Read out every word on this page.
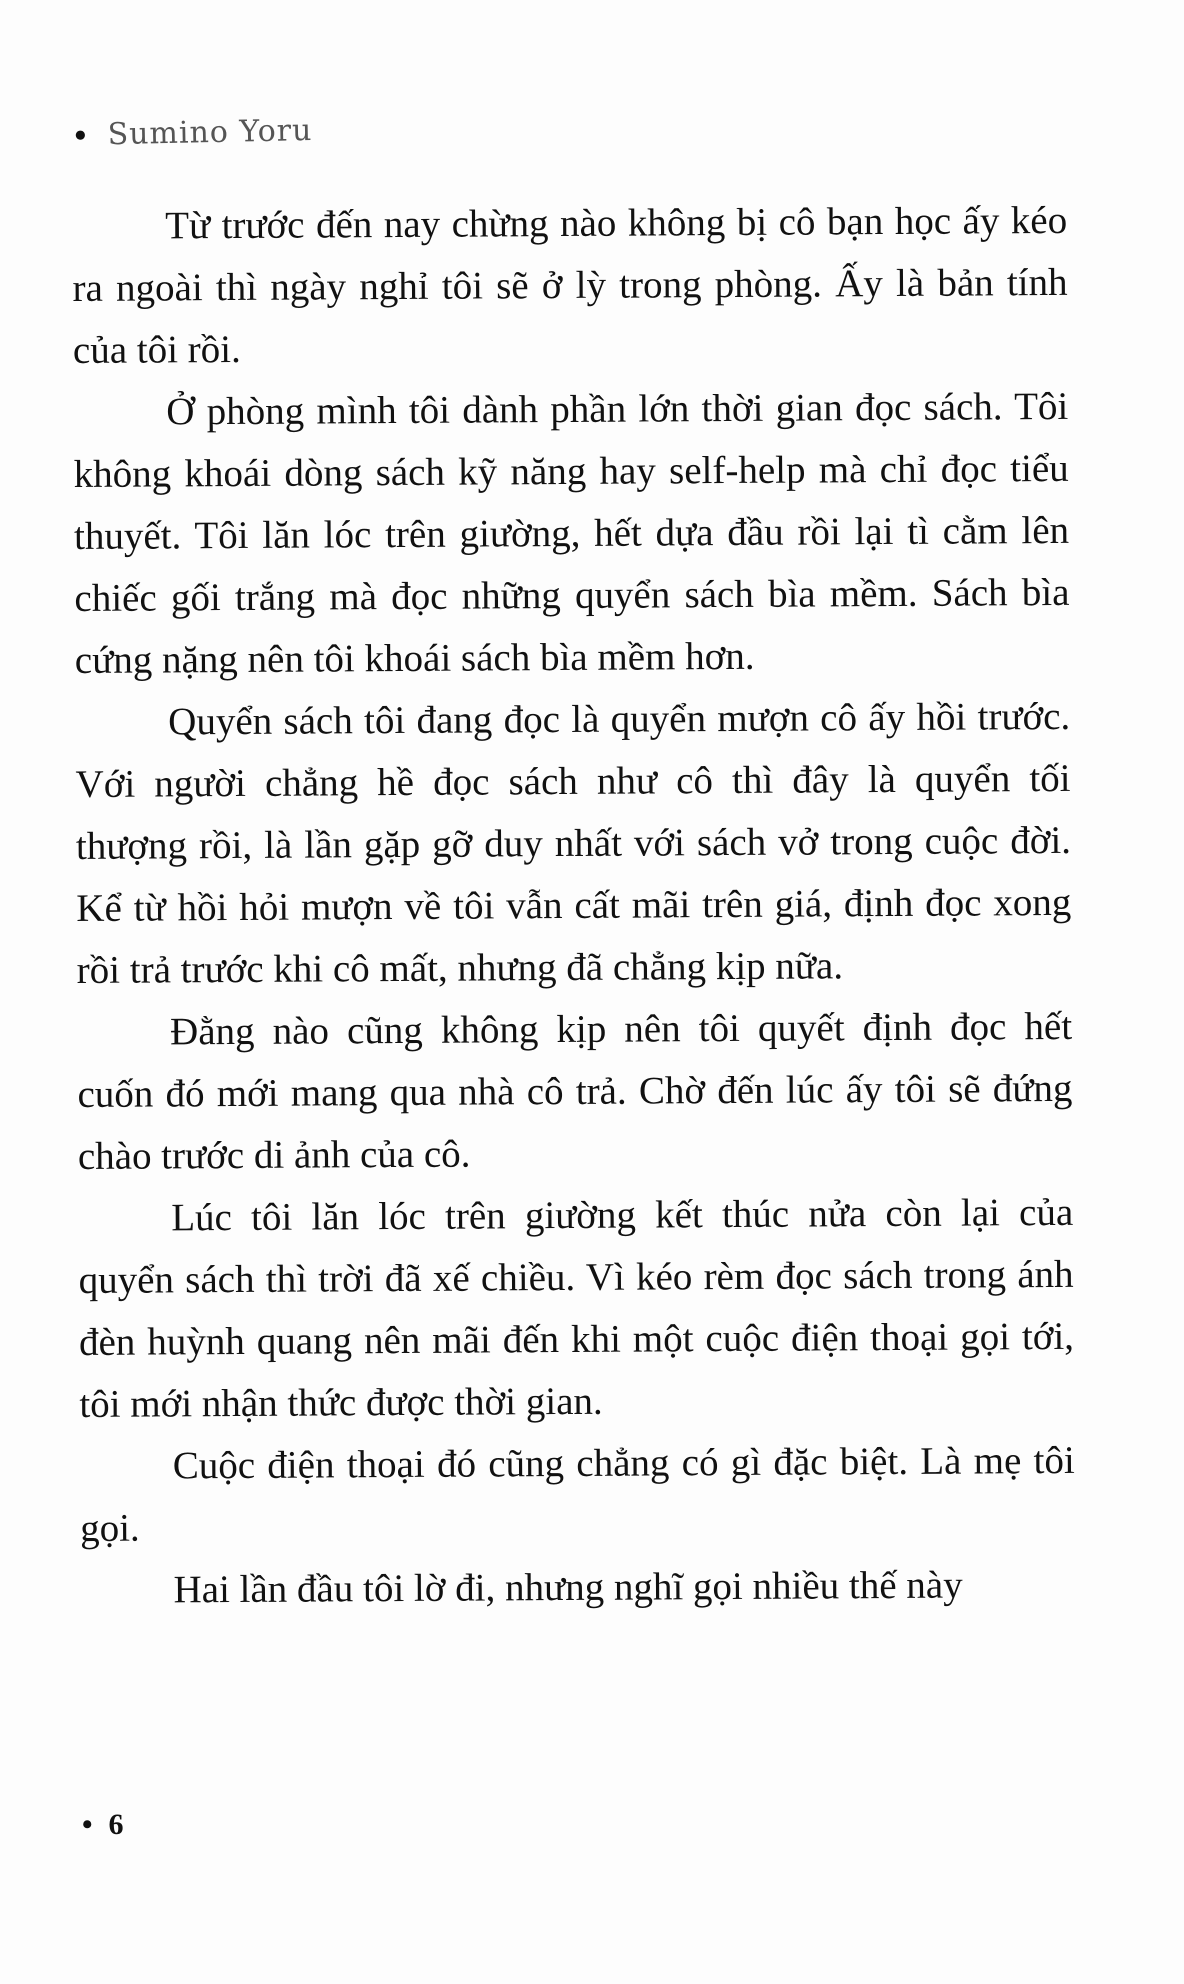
• Sumino Yoru

Từ trước đến nay chừng nào không bị cô bạn học ấy kéo ra ngoài thì ngày nghỉ tôi sẽ ở lỳ trong phòng. Ấy là bản tính của tôi rồi.

Ở phòng mình tôi dành phần lớn thời gian đọc sách. Tôi không khoái dòng sách kỹ năng hay self-help mà chỉ đọc tiểu thuyết. Tôi lăn lóc trên giường, hết dựa đầu rồi lại tì cằm lên chiếc gối trắng mà đọc những quyển sách bìa mềm. Sách bìa cứng nặng nên tôi khoái sách bìa mềm hơn.

Quyển sách tôi đang đọc là quyển mượn cô ấy hồi trước. Với người chẳng hề đọc sách như cô thì đây là quyển tối thượng rồi, là lần gặp gỡ duy nhất với sách vở trong cuộc đời. Kể từ hồi hỏi mượn về tôi vẫn cất mãi trên giá, định đọc xong rồi trả trước khi cô mất, nhưng đã chẳng kịp nữa.

Đằng nào cũng không kịp nên tôi quyết định đọc hết cuốn đó mới mang qua nhà cô trả. Chờ đến lúc ấy tôi sẽ đứng chào trước di ảnh của cô.

Lúc tôi lăn lóc trên giường kết thúc nửa còn lại của quyển sách thì trời đã xế chiều. Vì kéo rèm đọc sách trong ánh đèn huỳnh quang nên mãi đến khi một cuộc điện thoại gọi tới, tôi mới nhận thức được thời gian.

Cuộc điện thoại đó cũng chẳng có gì đặc biệt. Là mẹ tôi gọi.

Hai lần đầu tôi lờ đi, nhưng nghĩ gọi nhiều thế này

• 6
